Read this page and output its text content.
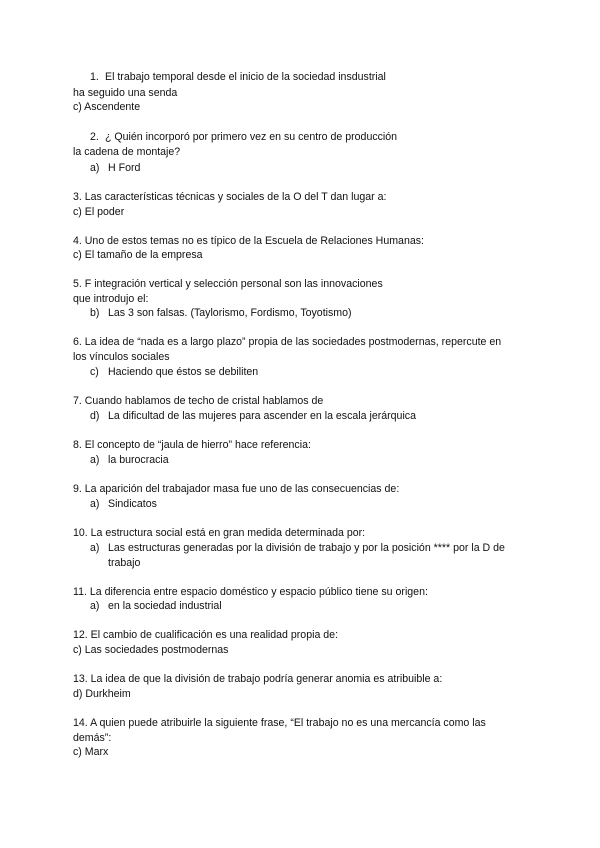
1. El trabajo temporal desde el inicio de la sociedad insdustrial
ha seguido una senda
c) Ascendente
2. ¿ Quién incorporó por primero vez en su centro de producción
la cadena de montaje?
a) H Ford
3. Las características técnicas y sociales de la O del T dan lugar a:
c) El poder
4. Uno de estos temas no es típico de la Escuela de Relaciones Humanas:
c) El tamaño de la empresa
5. F integración vertical y selección personal son las innovaciones
que introdujo el:
b) Las 3 son falsas. (Taylorismo, Fordismo, Toyotismo)
6. La idea de “nada es a largo plazo” propia de las sociedades postmodernas, repercute en
los vínculos sociales
c) Haciendo que éstos se debiliten
7. Cuando hablamos de techo de cristal hablamos de
d) La dificultad de las mujeres para ascender en la escala jerárquica
8. El concepto de “jaula de hierro” hace referencia:
a) la burocracia
9. La aparición del trabajador masa fue uno de las consecuencias de:
a) Sindicatos
10. La estructura social está en gran medida determinada por:
a) Las estructuras generadas por la división de trabajo y por la posición **** por la D de
trabajo
11. La diferencia entre espacio doméstico y espacio público tiene su origen:
a) en la sociedad industrial
12. El cambio de cualificación es una realidad propia de:
c) Las sociedades postmodernas
13. La idea de que la división de trabajo podría generar anomia es atribuible a:
d) Durkheim
14. A quien puede atribuirle la siguiente frase, “El trabajo no es una mercancía como las
demás”:
c) Marx
